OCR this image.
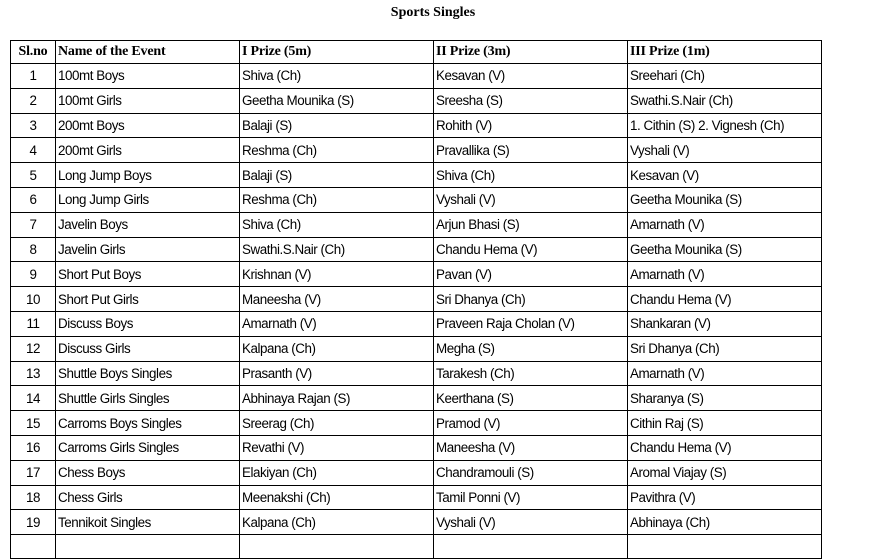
Sports Singles
Sl.no	Name of the Event	I Prize (5m)	II Prize (3m)	III Prize (1m)
1	100mt Boys	Shiva (Ch)	Kesavan (V)	Sreehari (Ch)
2	100mt Girls	Geetha Mounika (S)	Sreesha (S)	Swathi.S.Nair (Ch)
3	200mt Boys	Balaji (S)	Rohith (V)	1. Cithin (S) 2. Vignesh (Ch)
4	200mt Girls	Reshma (Ch)	Pravallika (S)	Vyshali (V)
5	Long Jump Boys	Balaji (S)	Shiva (Ch)	Kesavan (V)
6	Long Jump Girls	Reshma (Ch)	Vyshali (V)	Geetha Mounika (S)
7	Javelin Boys	Shiva (Ch)	Arjun Bhasi (S)	Amarnath (V)
8	Javelin Girls	Swathi.S.Nair (Ch)	Chandu Hema (V)	Geetha Mounika (S)
9	Short Put Boys	Krishnan (V)	Pavan (V)	Amarnath (V)
10	Short Put Girls	Maneesha (V)	Sri Dhanya (Ch)	Chandu Hema (V)
11	Discuss Boys	Amarnath (V)	Praveen Raja Cholan (V)	Shankaran (V)
12	Discuss Girls	Kalpana (Ch)	Megha (S)	Sri Dhanya (Ch)
13	Shuttle Boys Singles	Prasanth (V)	Tarakesh (Ch)	Amarnath (V)
14	Shuttle Girls Singles	Abhinaya Rajan (S)	Keerthana (S)	Sharanya (S)
15	Carroms Boys Singles	Sreerag (Ch)	Pramod (V)	Cithin Raj (S)
16	Carroms Girls Singles	Revathi (V)	Maneesha (V)	Chandu Hema (V)
17	Chess Boys	Elakiyan (Ch)	Chandramouli (S)	Aromal Viajay (S)
18	Chess Girls	Meenakshi (Ch)	Tamil Ponni (V)	Pavithra (V)
19	Tennikoit Singles	Kalpana (Ch)	Vyshali (V)	Abhinaya (Ch)
